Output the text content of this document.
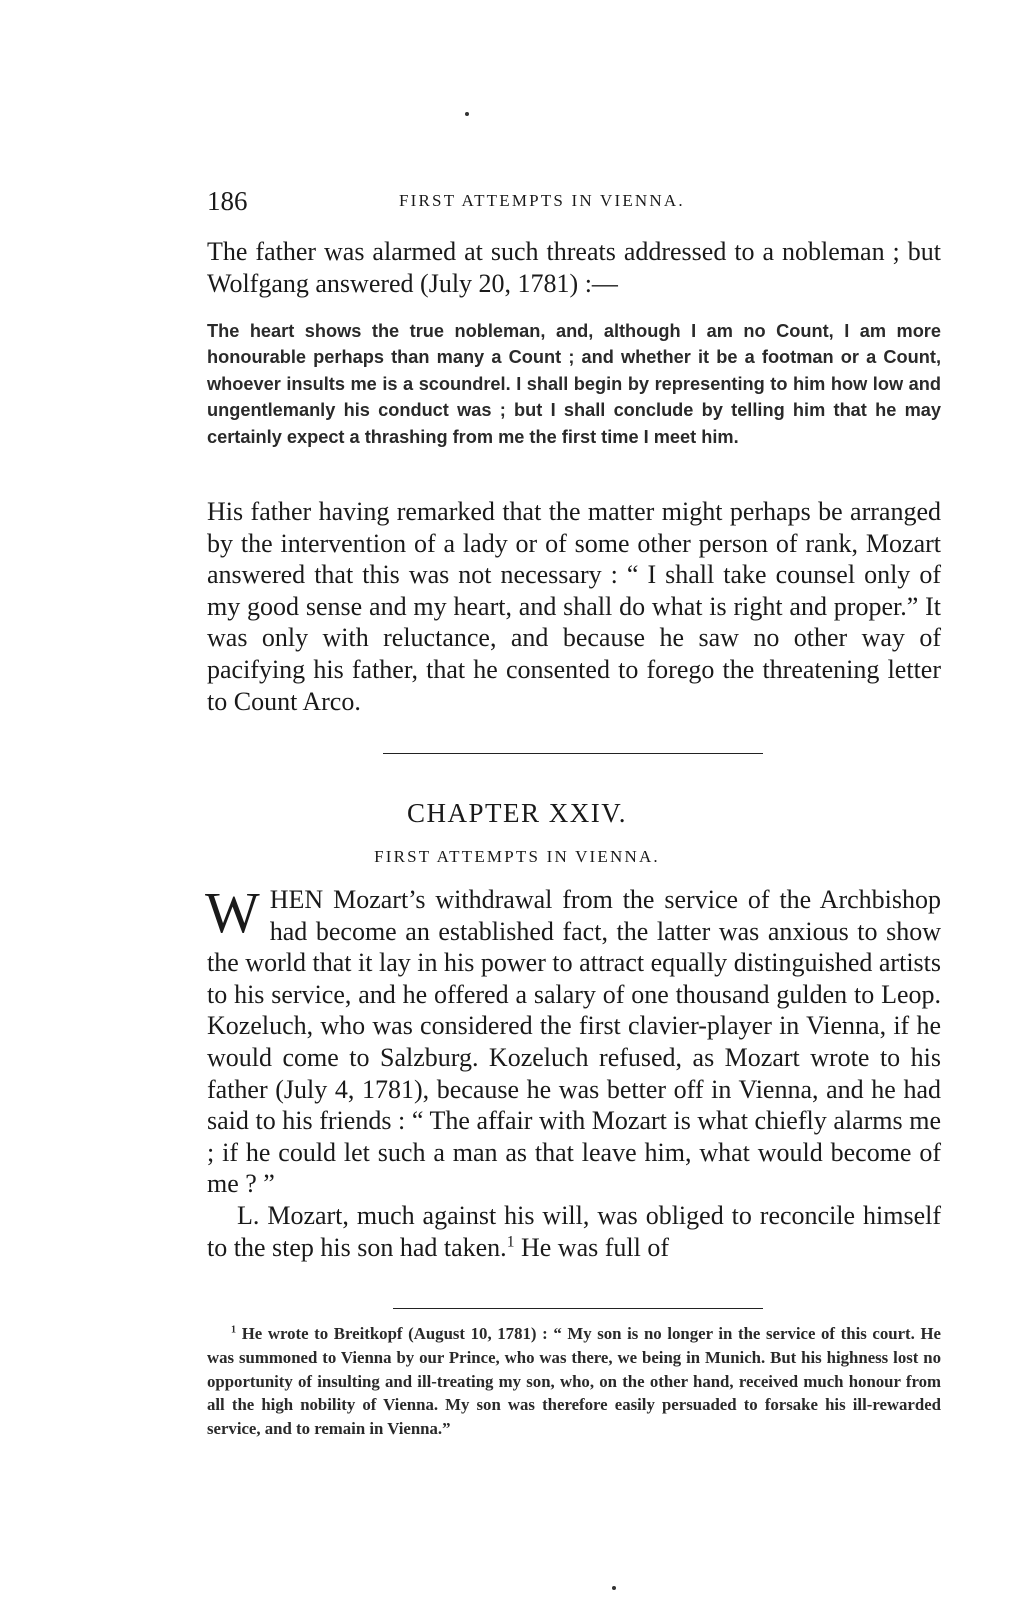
186	FIRST ATTEMPTS IN VIENNA.

The father was alarmed at such threats addressed to a nobleman ; but Wolfgang answered (July 20, 1781) :—

The heart shows the true nobleman, and, although I am no Count, I am more honourable perhaps than many a Count ; and whether it be a footman or a Count, whoever insults me is a scoundrel. I shall begin by representing to him how low and ungentlemanly his conduct was ; but I shall conclude by telling him that he may certainly expect a thrashing from me the first time I meet him.

His father having remarked that the matter might perhaps be arranged by the intervention of a lady or of some other person of rank, Mozart answered that this was not necessary : “ I shall take counsel only of my good sense and my heart, and shall do what is right and proper.” It was only with reluctance, and because he saw no other way of pacifying his father, that he consented to forego the threatening letter to Count Arco.

CHAPTER XXIV.
FIRST ATTEMPTS IN VIENNA.

WHEN Mozart’s withdrawal from the service of the Archbishop had become an established fact, the latter was anxious to show the world that it lay in his power to attract equally distinguished artists to his service, and he offered a salary of one thousand gulden to Leop. Kozeluch, who was considered the first clavier-player in Vienna, if he would come to Salzburg. Kozeluch refused, as Mozart wrote to his father (July 4, 1781), because he was better off in Vienna, and he had said to his friends : “ The affair with Mozart is what chiefly alarms me ; if he could let such a man as that leave him, what would become of me ? ”
L. Mozart, much against his will, was obliged to reconcile himself to the step his son had taken.$^1$ He was full of

$^1$ He wrote to Breitkopf (August 10, 1781) : “ My son is no longer in the service of this court. He was summoned to Vienna by our Prince, who was there, we being in Munich. But his highness lost no opportunity of insulting and ill-treating my son, who, on the other hand, received much honour from all the high nobility of Vienna. My son was therefore easily persuaded to forsake his ill-rewarded service, and to remain in Vienna.”
